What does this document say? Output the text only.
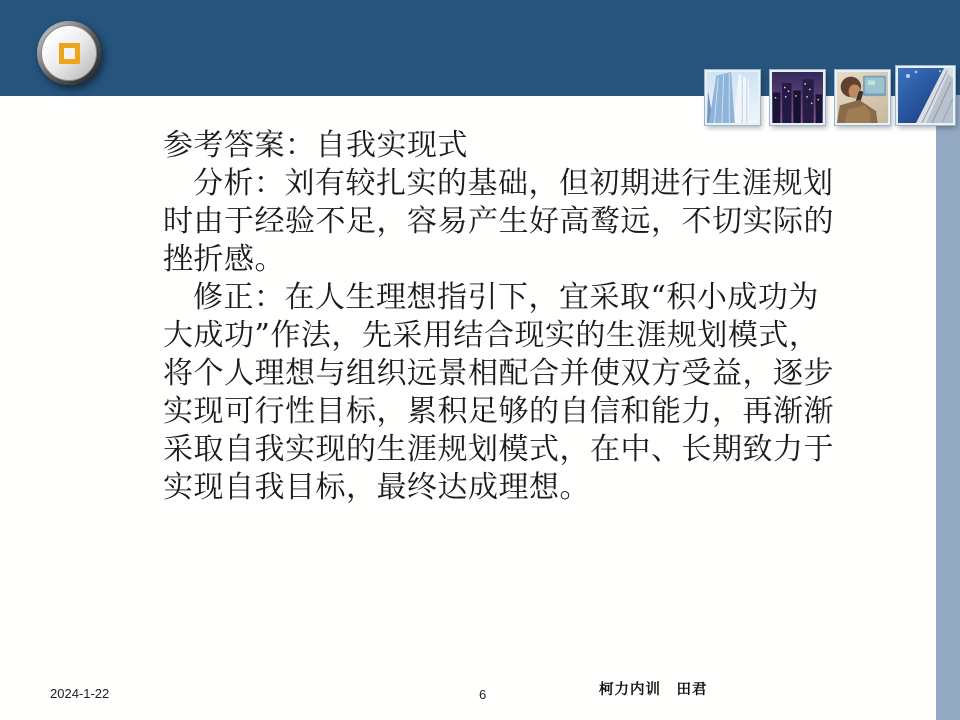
参考答案：自我实现式

分析：刘有较扎实的基础，但初期进行生涯规划

时由于经验不足，容易产生好高鹜远，不切实际的

挫折感。

修正：在人生理想指引下，宜采取“积小成功为

大成功”作法，先采用结合现实的生涯规划模式，

将个人理想与组织远景相配合并使双方受益，逐步

实现可行性目标，累积足够的自信和能力，再渐渐

采取自我实现的生涯规划模式，在中、长期致力于

实现自我目标，最终达成理想。

2024-1-22	6	柯力内训　田君
